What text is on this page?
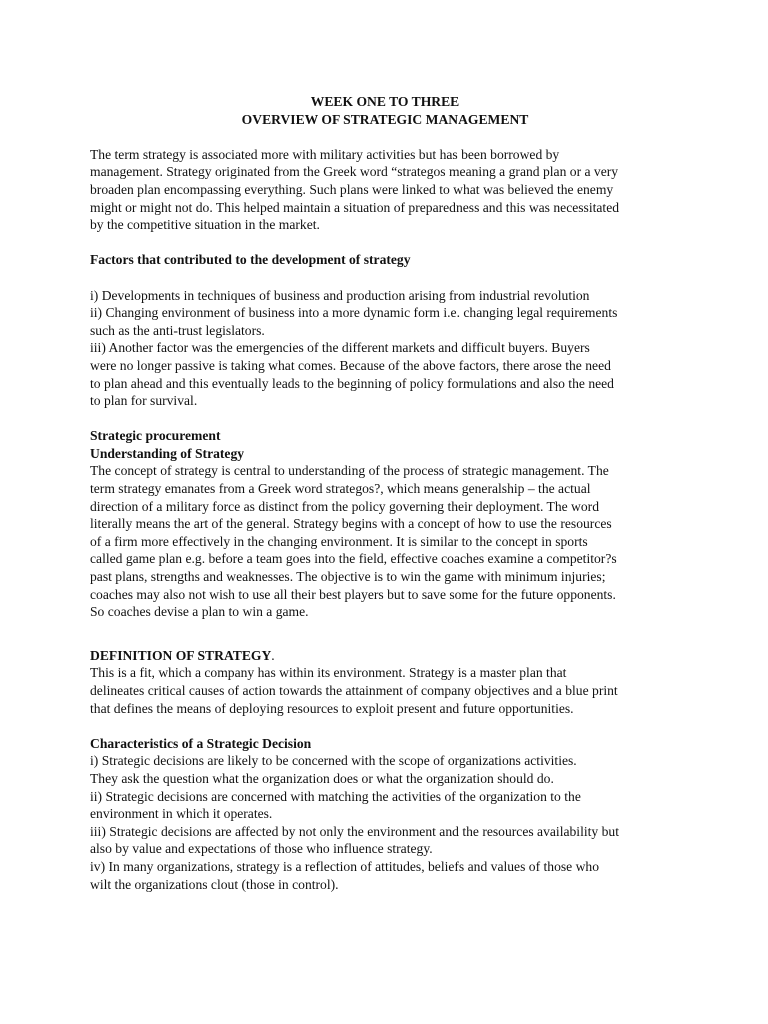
WEEK ONE TO THREE

OVERVIEW OF STRATEGIC MANAGEMENT

The term strategy is associated more with military activities but has been borrowed by

management. Strategy originated from the Greek word “strategos meaning a grand plan or a very

broaden plan encompassing everything. Such plans were linked to what was believed the enemy

might or might not do. This helped maintain a situation of preparedness and this was necessitated

by the competitive situation in the market.

Factors that contributed to the development of strategy

i) Developments in techniques of business and production arising from industrial revolution

ii) Changing environment of business into a more dynamic form i.e. changing legal requirements

such as the anti-trust legislators.

iii) Another factor was the emergencies of the different markets and difficult buyers. Buyers

were no longer passive is taking what comes. Because of the above factors, there arose the need

to plan ahead and this eventually leads to the beginning of policy formulations and also the need

to plan for survival.

Strategic procurement

Understanding of Strategy

The concept of strategy is central to understanding of the process of strategic management. The

term strategy emanates from a Greek word strategos?, which means generalship – the actual

direction of a military force as distinct from the policy governing their deployment. The word

literally means the art of the general. Strategy begins with a concept of how to use the resources

of a firm more effectively in the changing environment. It is similar to the concept in sports

called game plan e.g. before a team goes into the field, effective coaches examine a competitor?s

past plans, strengths and weaknesses. The objective is to win the game with minimum injuries;

coaches may also not wish to use all their best players but to save some for the future opponents.

So coaches devise a plan to win a game.

DEFINITION OF STRATEGY.

This is a fit, which a company has within its environment. Strategy is a master plan that

delineates critical causes of action towards the attainment of company objectives and a blue print

that defines the means of deploying resources to exploit present and future opportunities.

Characteristics of a Strategic Decision

i) Strategic decisions are likely to be concerned with the scope of organizations activities.

They ask the question what the organization does or what the organization should do.

ii) Strategic decisions are concerned with matching the activities of the organization to the

environment in which it operates.

iii) Strategic decisions are affected by not only the environment and the resources availability but

also by value and expectations of those who influence strategy.

iv) In many organizations, strategy is a reflection of attitudes, beliefs and values of those who

wilt the organizations clout (those in control).
